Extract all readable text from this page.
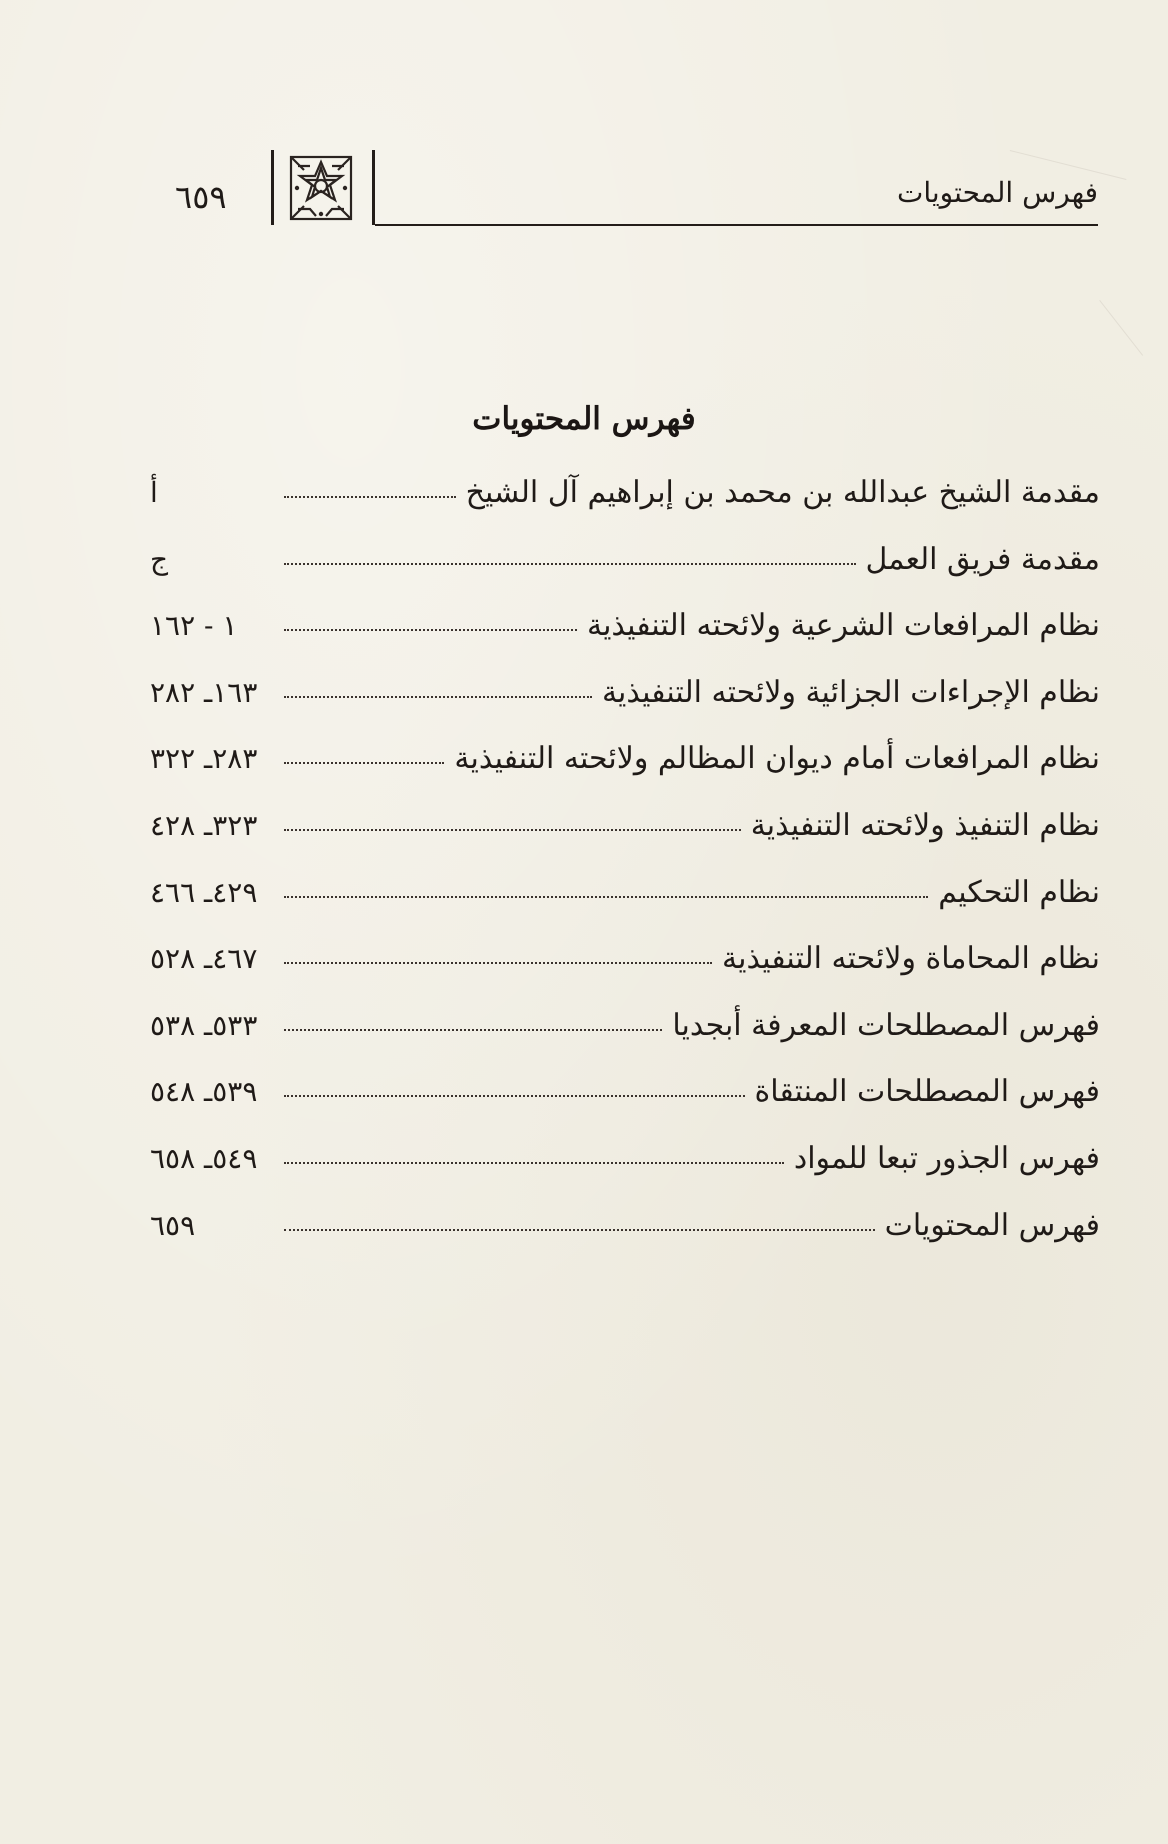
٦٥٩	فهرس المحتويات
فهرس المحتويات
مقدمة الشيخ عبدالله بن محمد بن إبراهيم آل الشيخ
أ
مقدمة فريق العمل
ج
نظام المرافعات الشرعية ولائحته التنفيذية
١ - ١٦٢
نظام الإجراءات الجزائية ولائحته التنفيذية
١٦٣ـ ٢٨٢
نظام المرافعات أمام ديوان المظالم ولائحته التنفيذية
٢٨٣ـ ٣٢٢
نظام التنفيذ ولائحته التنفيذية
٣٢٣ـ ٤٢٨
نظام التحكيم
٤٢٩ـ ٤٦٦
نظام المحاماة ولائحته التنفيذية
٤٦٧ـ ٥٢٨
فهرس المصطلحات المعرفة أبجديا
٥٣٣ـ ٥٣٨
فهرس المصطلحات المنتقاة
٥٣٩ـ ٥٤٨
فهرس الجذور تبعا للمواد
٥٤٩ـ ٦٥٨
فهرس المحتويات
٦٥٩
